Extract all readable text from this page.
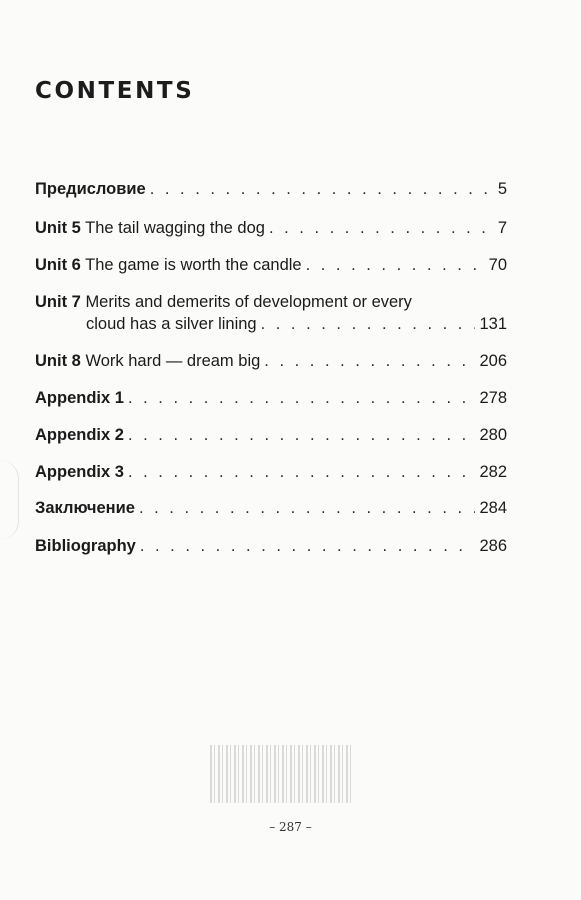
CONTENTS
Предисловие . . .	5
Unit 5 The tail wagging the dog . . .	7
Unit 6 The game is worth the candle . . .	70
Unit 7 Merits and demerits of development or every
cloud has a silver lining . . .	131
Unit 8 Work hard — dream big . . .	206
Appendix 1 . . .	278
Appendix 2 . . .	280
Appendix 3 . . .	282
Заключение . . .	284
Bibliography . . .	286
– 287 –
